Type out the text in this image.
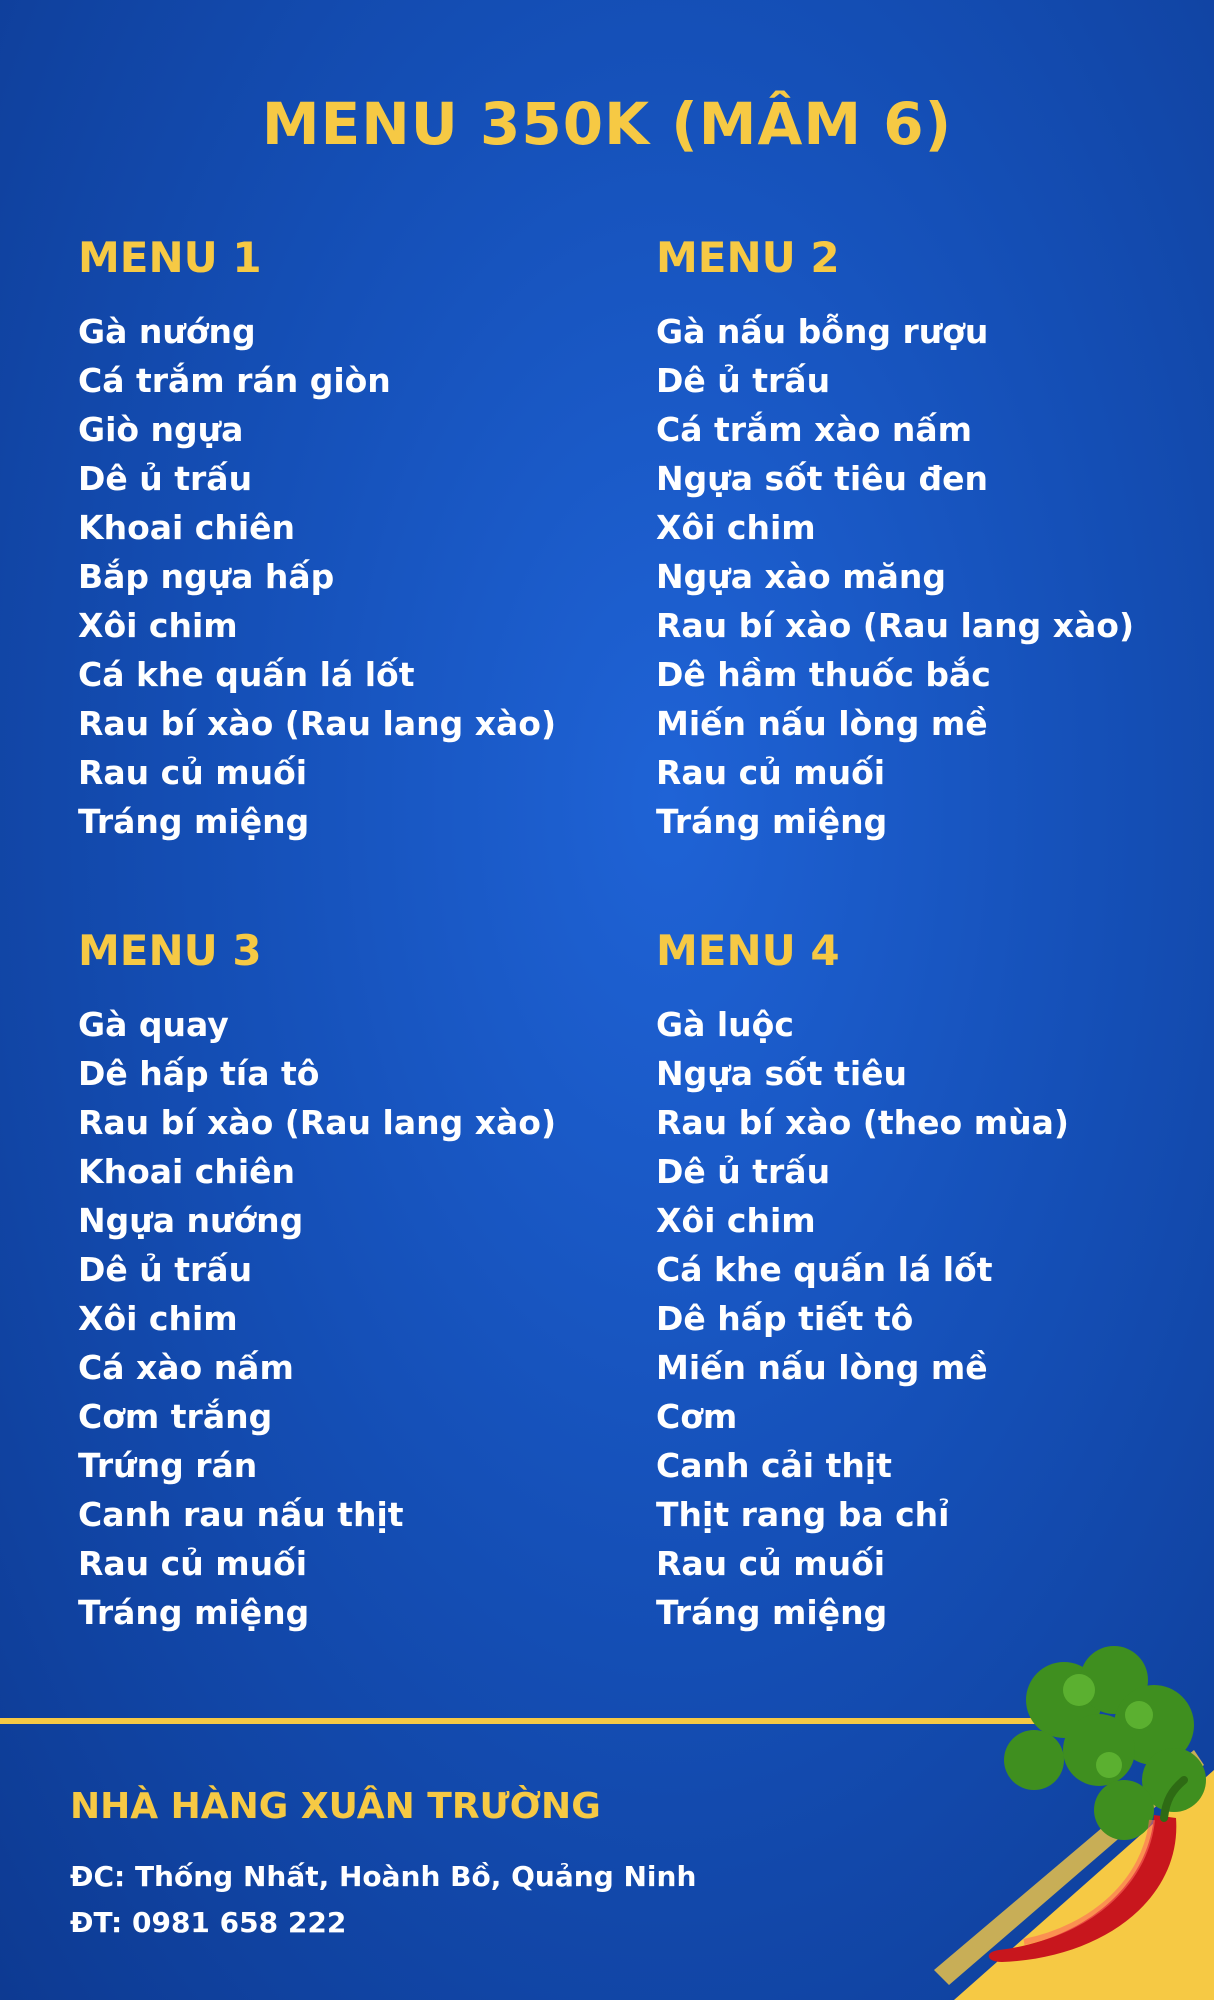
MENU 350K (MÂM 6)
MENU 1
Gà nướng
Cá trắm rán giòn
Giò ngựa
Dê ủ trấu
Khoai chiên
Bắp ngựa hấp
Xôi chim
Cá khe quấn lá lốt
Rau bí xào (Rau lang xào)
Rau củ muối
Tráng miệng
MENU 2
Gà nấu bỗng rượu
Dê ủ trấu
Cá trắm xào nấm
Ngựa sốt tiêu đen
Xôi chim
Ngựa xào măng
Rau bí xào (Rau lang xào)
Dê hầm thuốc bắc
Miến nấu lòng mề
Rau củ muối
Tráng miệng
MENU 3
Gà quay
Dê hấp tía tô
Rau bí xào (Rau lang xào)
Khoai chiên
Ngựa nướng
Dê ủ trấu
Xôi chim
Cá xào nấm
Cơm trắng
Trứng rán
Canh rau nấu thịt
Rau củ muối
Tráng miệng
MENU 4
Gà luộc
Ngựa sốt tiêu
Rau bí xào (theo mùa)
Dê ủ trấu
Xôi chim
Cá khe quấn lá lốt
Dê hấp tiết tô
Miến nấu lòng mề
Cơm
Canh cải thịt
Thịt rang ba chỉ
Rau củ muối
Tráng miệng
NHÀ HÀNG XUÂN TRƯỜNG
ĐC: Thống Nhất, Hoành Bồ, Quảng Ninh
ĐT: 0981 658 222
